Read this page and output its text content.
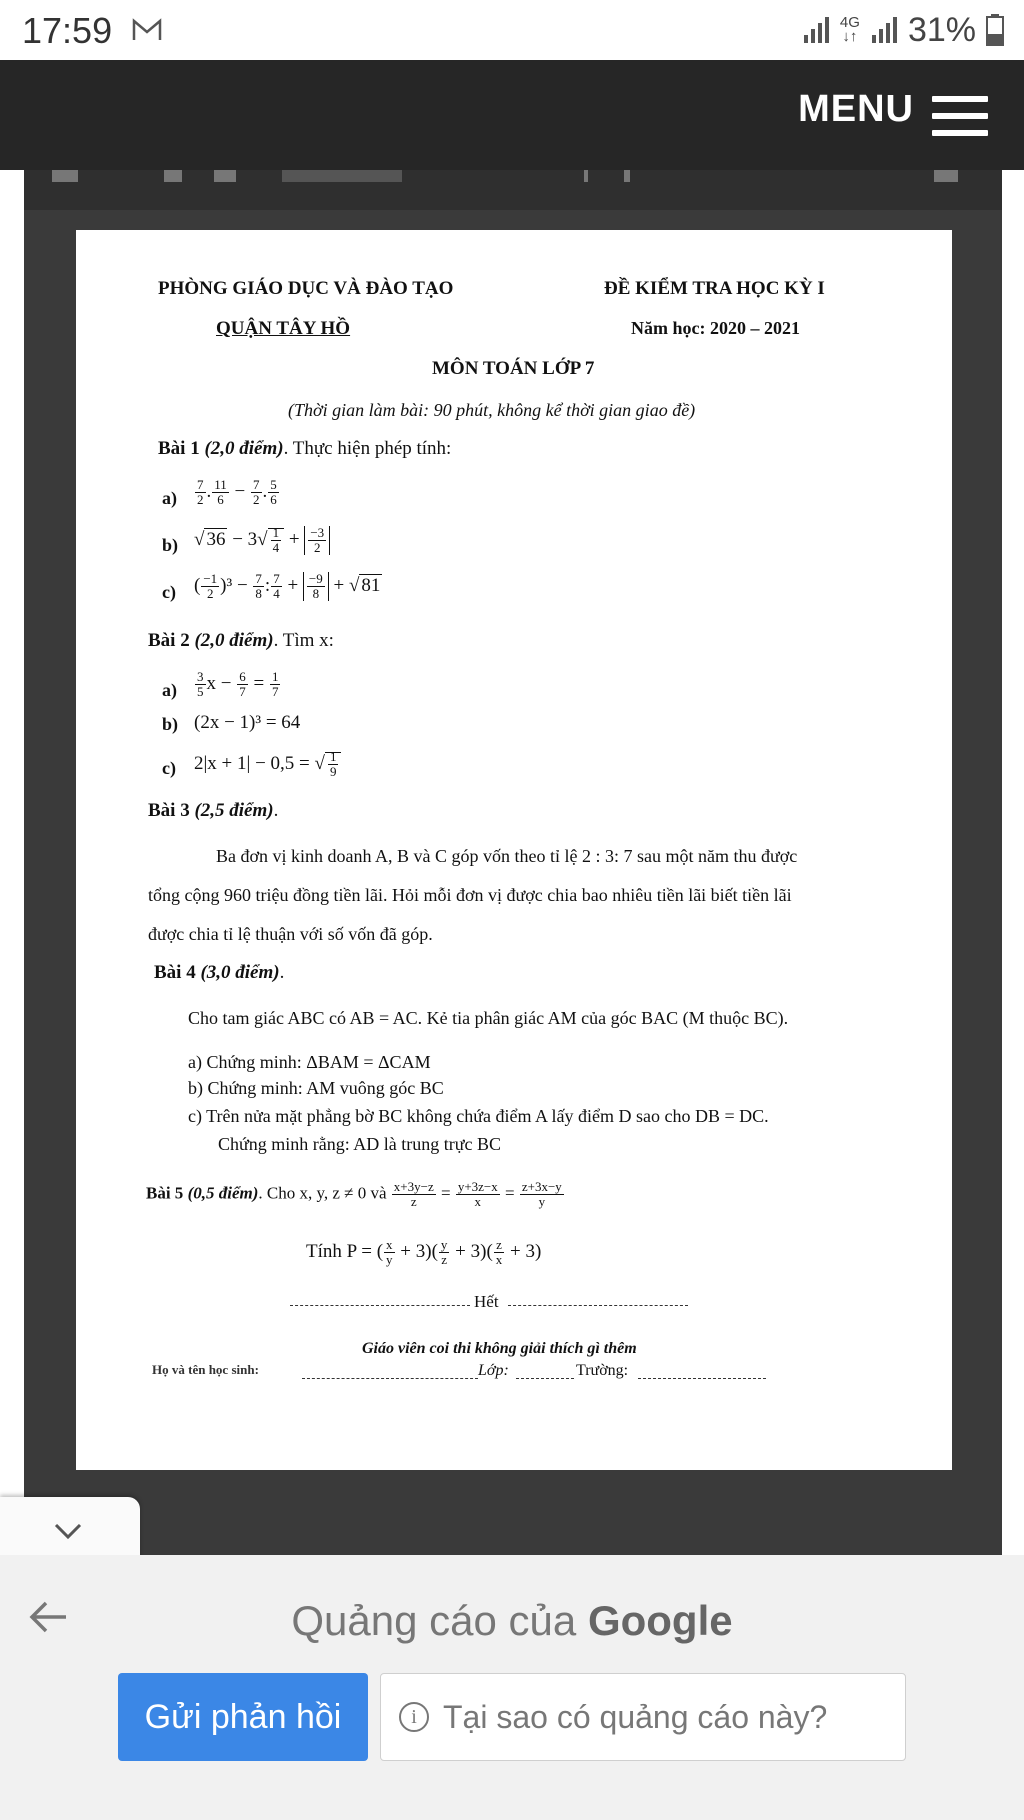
17:59	4G
↓↑ 31%
MENU
PHÒNG GIÁO DỤC VÀ ĐÀO TẠO
QUẬN TÂY HỒ
ĐỀ KIỂM TRA HỌC KỲ I
Năm học: 2020 – 2021
MÔN TOÁN LỚP 7
(Thời gian làm bài: 90 phút, không kể thời gian giao đề)
Bài 1 (2,0 điểm). Thực hiện phép tính:
$a) \frac{7}{2}$ . $\frac{11}{6} - \frac{7}{2}$ . $\frac{5}{6}$
b) √ $36 - 3√ \frac{1}{4} + \frac{-3}{2}$
c) ( $\frac{-1}{2} )^3 - \frac{7}{8}$ : $\frac{7}{4} + \frac{-9}{8}$ + √ 81
Bài 2 (2,0 điểm). Tìm x:
$a) \frac{3}{5}$ $x - \frac{6}{7} = \frac{1}{7}$
b) (2x − 1)³ = 64
c) 2|x + 1| − 0,5 = √ $\frac{1}{9}$
Bài 3 (2,5 điểm).
Ba đơn vị kinh doanh A, B và C góp vốn theo tỉ lệ 2 : 3: 7 sau một năm thu được
tổng cộng 960 triệu đồng tiền lãi. Hỏi mỗi đơn vị được chia bao nhiêu tiền lãi biết tiền lãi
được chia tỉ lệ thuận với số vốn đã góp.
Bài 4 (3,0 điểm).
Cho tam giác ABC có AB = AC. Kẻ tia phân giác AM của góc BAC (M thuộc BC).
a) Chứng minh: ΔBAM = ΔCAM
b) Chứng minh: AM vuông góc BC
c) Trên nửa mặt phẳng bờ BC không chứa điểm A lấy điểm D sao cho DB = DC.
Chứng minh rằng: AD là trung trực BC
Bài 5 (0,5 điểm). Cho x, y, z ≠ 0 và $\frac{x+3y-z}{z} = \frac{y+3z-x}{x} = \frac{z+3x-y}{y}$
Tính P = ( $\frac{x}{y} + 3)( \frac{y}{z} + 3)( \frac{z}{x} + 3)$
Hết
Giáo viên coi thi không giải thích gì thêm
Họ và tên học sinh:	Lớp:	Trường:
Quảng cáo của Google
Gửi phản hồi	i Tại sao có quảng cáo này?
